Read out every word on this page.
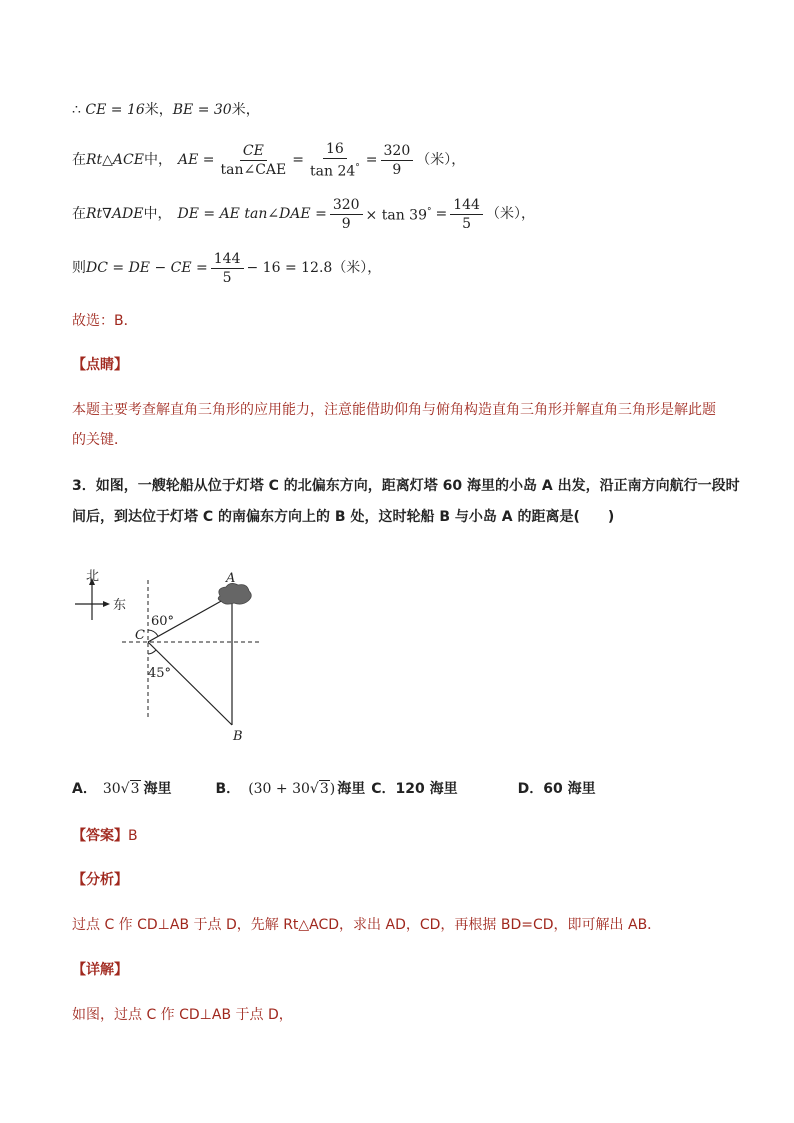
∴ CE = 16米，BE = 30米，
在 Rt△ACE 中， AE = $\frac{CE}{\text{tan∠CAE}} = \frac{16}{\tan 24^\circ} = \frac{320}{9}$ （米），
在 Rt∇ADE 中， DE = AE tan∠DAE = $\frac{320}{9} \times \tan 39^\circ = \frac{144}{5}$ （米），
则 DC = DE − CE = $\frac{144}{5} - 16 = 12.8$ （米），
故选：B．
【点睛】
本题主要考查解直角三角形的应用能力，注意能借助仰角与俯角构造直角三角形并解直角三角形是解此题
的关键．
3．如图，一艘轮船从位于灯塔 C 的北偏东方向，距离灯塔 60 海里的小岛 A 出发，沿正南方向航行一段时
间后，到达位于灯塔 C 的南偏东方向上的 B 处，这时轮船 B 与小岛 A 的距离是(　　)
北
东
A
B
C
60°
45°
A． 30 √3 海里	B． (30 + 30 √3 ) 海里 C．120 海里	D．60 海里
【答案】B
【分析】
过点 C 作 CD⊥AB 于点 D，先解 Rt△ACD，求出 AD，CD，再根据 BD=CD，即可解出 AB．
【详解】
如图，过点 C 作 CD⊥AB 于点 D，
